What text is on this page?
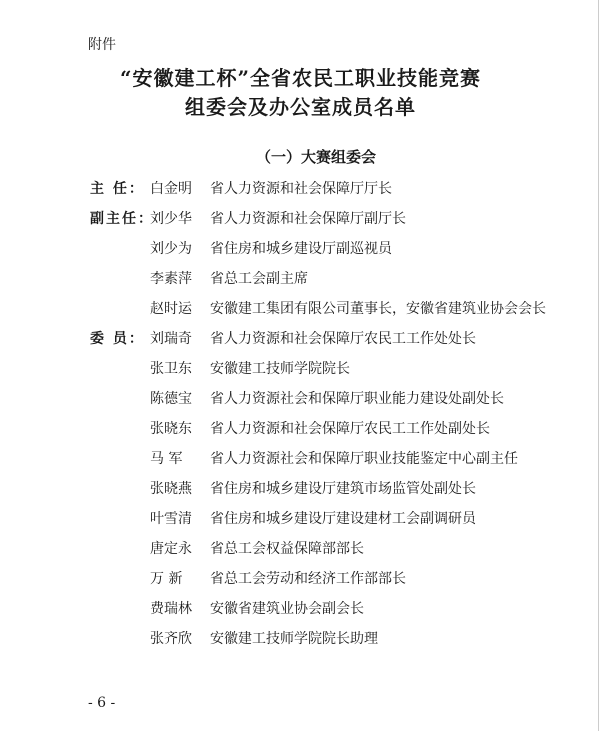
附件
“安徽建工杯”全省农民工职业技能竞赛
组委会及办公室成员名单
（一）大赛组委会
主 任： 白金明 省人力资源和社会保障厅厅长
副主任：
刘少华 省人力资源和社会保障厅副厅长
刘少为 省住房和城乡建设厅副巡视员
李素萍 省总工会副主席
赵时运 安徽建工集团有限公司董事长，安徽省建筑业协会会长
委 员： 刘瑞奇 省人力资源和社会保障厅农民工工作处处长
张卫东 安徽建工技师学院院长
陈德宝 省人力资源社会和保障厅职业能力建设处副处长
张晓东 省人力资源和社会保障厅农民工工作处副处长
马 军 省人力资源社会和保障厅职业技能鉴定中心副主任
张晓燕 省住房和城乡建设厅建筑市场监管处副处长
叶雪清 省住房和城乡建设厅建设建材工会副调研员
唐定永 省总工会权益保障部部长
万 新 省总工会劳动和经济工作部部长
费瑞林 安徽省建筑业协会副会长
张齐欣 安徽建工技师学院院长助理
- 6 -
